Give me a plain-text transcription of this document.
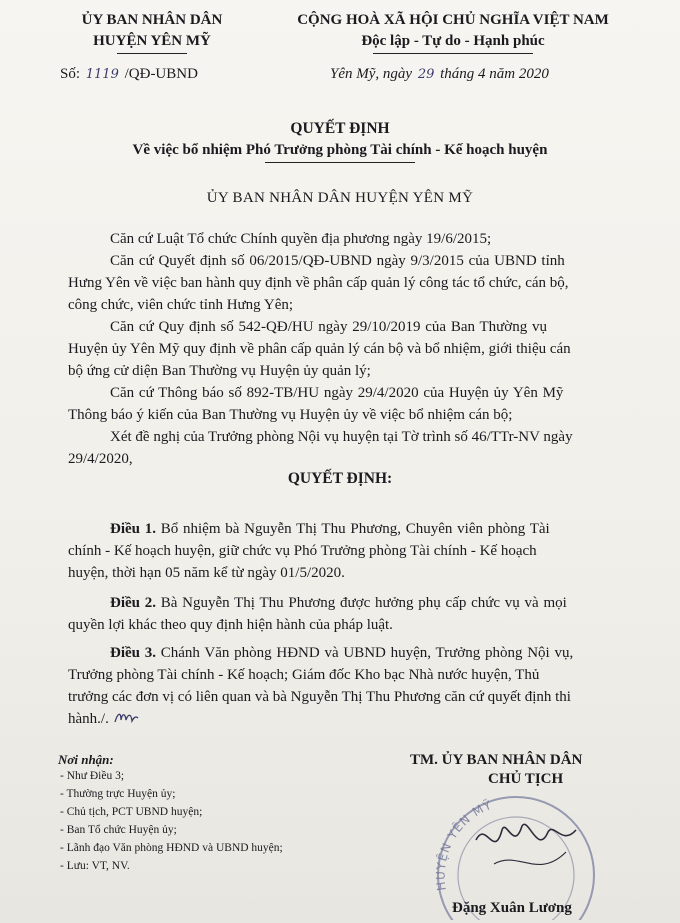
ỦY BAN NHÂN DÂN
HUYỆN YÊN MỸ
CỘNG HOÀ XÃ HỘI CHỦ NGHĨA VIỆT NAM
Độc lập - Tự do - Hạnh phúc
Số: 1119 /QĐ-UBND	Yên Mỹ, ngày 29 tháng 4 năm 2020
QUYẾT ĐỊNH
Về việc bổ nhiệm Phó Trưởng phòng Tài chính - Kế hoạch huyện
ỦY BAN NHÂN DÂN HUYỆN YÊN MỸ
Căn cứ Luật Tổ chức Chính quyền địa phương ngày 19/6/2015;
Căn cứ Quyết định số 06/2015/QĐ-UBND ngày 9/3/2015 của UBND tỉnh
Hưng Yên về việc ban hành quy định về phân cấp quản lý công tác tổ chức, cán bộ,
công chức, viên chức tỉnh Hưng Yên;
Căn cứ Quy định số 542-QĐ/HU ngày 29/10/2019 của Ban Thường vụ
Huyện ủy Yên Mỹ quy định về phân cấp quản lý cán bộ và bổ nhiệm, giới thiệu cán
bộ ứng cử diện Ban Thường vụ Huyện ủy quản lý;
Căn cứ Thông báo số 892-TB/HU ngày 29/4/2020 của Huyện ủy Yên Mỹ
Thông báo ý kiến của Ban Thường vụ Huyện ủy về việc bổ nhiệm cán bộ;
Xét đề nghị của Trưởng phòng Nội vụ huyện tại Tờ trình số 46/TTr-NV ngày
29/4/2020,
QUYẾT ĐỊNH:
Điều 1. Bổ nhiệm bà Nguyễn Thị Thu Phương, Chuyên viên phòng Tài
chính - Kế hoạch huyện, giữ chức vụ Phó Trưởng phòng Tài chính - Kế hoạch
huyện, thời hạn 05 năm kể từ ngày 01/5/2020.
Điều 2. Bà Nguyễn Thị Thu Phương được hưởng phụ cấp chức vụ và mọi
quyền lợi khác theo quy định hiện hành của pháp luật.
Điều 3. Chánh Văn phòng HĐND và UBND huyện, Trưởng phòng Nội vụ,
Trưởng phòng Tài chính - Kế hoạch; Giám đốc Kho bạc Nhà nước huyện, Thủ
trưởng các đơn vị có liên quan và bà Nguyễn Thị Thu Phương căn cứ quyết định thi
hành./.
Nơi nhận:
- Như Điều 3;
- Thường trực Huyện ủy;
- Chủ tịch, PCT UBND huyện;
- Ban Tổ chức Huyện ủy;
- Lãnh đạo Văn phòng HĐND và UBND huyện;
- Lưu: VT, NV.
HUYỆN YÊN MỸ
TM. ỦY BAN NHÂN DÂN
CHỦ TỊCH
Đặng Xuân Lương
